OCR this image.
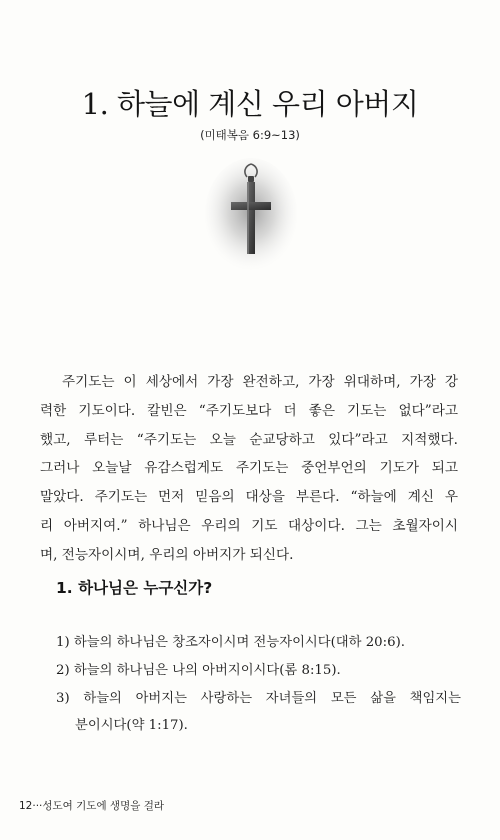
1. 하늘에 계신 우리 아버지
(미태복음 6:9~13)

주기도는 이 세상에서 가장 완전하고, 가장 위대하며, 가장 강
력한 기도이다. 칼빈은 “주기도보다 더 좋은 기도는 없다”라고
했고, 루터는 “주기도는 오늘 순교당하고 있다”라고 지적했다.
그러나 오늘날 유감스럽게도 주기도는 중언부언의 기도가 되고
말았다. 주기도는 먼저 믿음의 대상을 부른다. “하늘에 계신 우
리 아버지여.” 하나님은 우리의 기도 대상이다. 그는 초월자이시
며, 전능자이시며, 우리의 아버지가 되신다.

1. 하나님은 누구신가?
1) 하늘의 하나님은 창조자이시며 전능자이시다(대하 20:6).
2) 하늘의 하나님은 나의 아버지이시다(롬 8:15).
3) 하늘의 아버지는 사랑하는 자녀들의 모든 삶을 책임지는
분이시다(약 1:17).
12···성도여 기도에 생명을 걸라
